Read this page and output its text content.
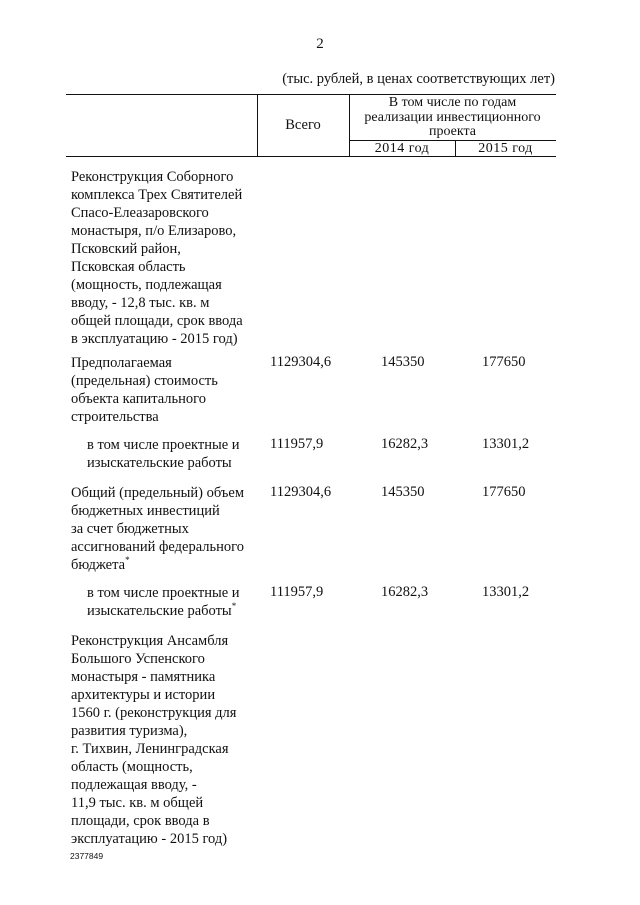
2
(тыс. рублей, в ценах соответствующих лет)
Всего
В том числе по годам
реализации инвестиционного
проекта
2014 год	2015 год
Реконструкция Соборного
комплекса Трех Святителей
Спасо-Елеазаровского
монастыря, п/о Елизарово,
Псковский район,
Псковская область
(мощность, подлежащая
вводу, - 12,8 тыс. кв. м
общей площади, срок ввода
в эксплуатацию - 2015 год)
Предполагаемая
(предельная) стоимость
объекта капитального
строительства
1129304,6	145350	177650
в том числе проектные и
изыскательские работы
111957,9	16282,3	13301,2
Общий (предельный) объем
бюджетных инвестиций
за счет бюджетных
ассигнований федерального
бюджета*
1129304,6	145350	177650
в том числе проектные и
изыскательские работы*
111957,9	16282,3	13301,2
Реконструкция Ансамбля
Большого Успенского
монастыря - памятника
архитектуры и истории
1560 г. (реконструкция для
развития туризма),
г. Тихвин, Ленинградская
область (мощность,
подлежащая вводу, -
11,9 тыс. кв. м общей
площади, срок ввода в
эксплуатацию - 2015 год)
2377849
